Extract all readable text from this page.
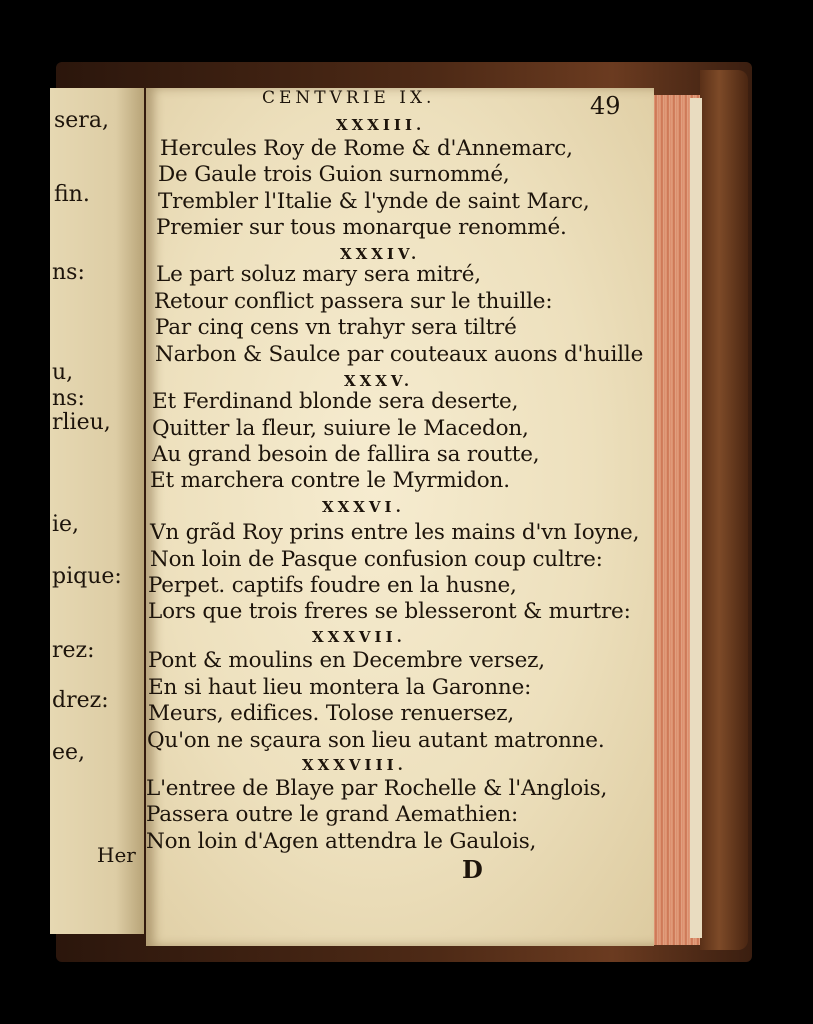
sera,
fin.
ns:
u,
ns:
rlieu,
ie,
pique:
rez:
drez:
ee,
Her
CENTVRIE IX.	49
XXXIII.
Hercules Roy de Rome & d'Annemarc,
De Gaule trois Guion surnommé,
Trembler l'Italie & l'ynde de saint Marc,
Premier sur tous monarque renommé.
XXXIV.
Le part soluz mary sera mitré,
Retour conflict passera sur le thuille:
Par cinq cens vn trahyr sera tiltré
Narbon & Saulce par couteaux auons d'huille
XXXV.
Et Ferdinand blonde sera deserte,
Quitter la fleur, suiure le Macedon,
Au grand besoin de fallira sa routte,
Et marchera contre le Myrmidon.
XXXVI.
Vn grãd Roy prins entre les mains d'vn Ioyne,
Non loin de Pasque confusion coup cultre:
Perpet. captifs foudre en la husne,
Lors que trois freres se blesseront & murtre:
XXXVII.
Pont & moulins en Decembre versez,
En si haut lieu montera la Garonne:
Meurs, edifices. Tolose renuersez,
Qu'on ne sçaura son lieu autant matronne.
XXXVIII.
L'entree de Blaye par Rochelle & l'Anglois,
Passera outre le grand Aemathien:
Non loin d'Agen attendra le Gaulois,
D
